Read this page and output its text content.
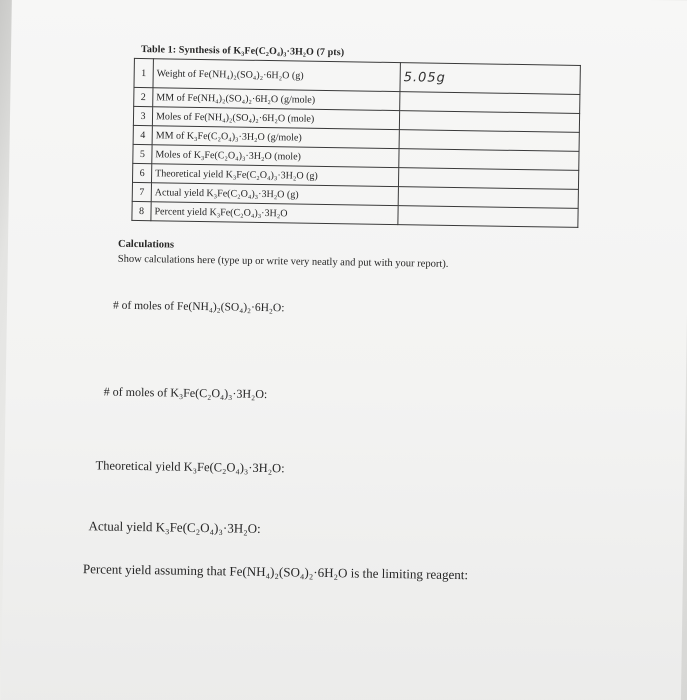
Table 1: Synthesis of K₃Fe(C₂O₄)₃·3H₂O (7 pts)
1	Weight of Fe(NH₄)₂(SO₄)₂·6H₂O (g)	5.05g
2	MM of Fe(NH₄)₂(SO₄)₂·6H₂O (g/mole)	
3	Moles of Fe(NH₄)₂(SO₄)₂·6H₂O (mole)	
4	MM of K₃Fe(C₂O₄)₃·3H₂O (g/mole)	
5	Moles of K₃Fe(C₂O₄)₃·3H₂O (mole)	
6	Theoretical yield K₃Fe(C₂O₄)₃·3H₂O (g)	
7	Actual yield K₃Fe(C₂O₄)₃·3H₂O (g)	
8	Percent yield K₃Fe(C₂O₄)₃·3H₂O	
Calculations
Show calculations here (type up or write very neatly and put with your report).
# of moles of Fe(NH₄)₂(SO₄)₂·6H₂O:
# of moles of K₃Fe(C₂O₄)₃·3H₂O:
Theoretical yield K₃Fe(C₂O₄)₃·3H₂O:
Actual yield K₃Fe(C₂O₄)₃·3H₂O:
Percent yield assuming that Fe(NH₄)₂(SO₄)₂·6H₂O is the limiting reagent:
